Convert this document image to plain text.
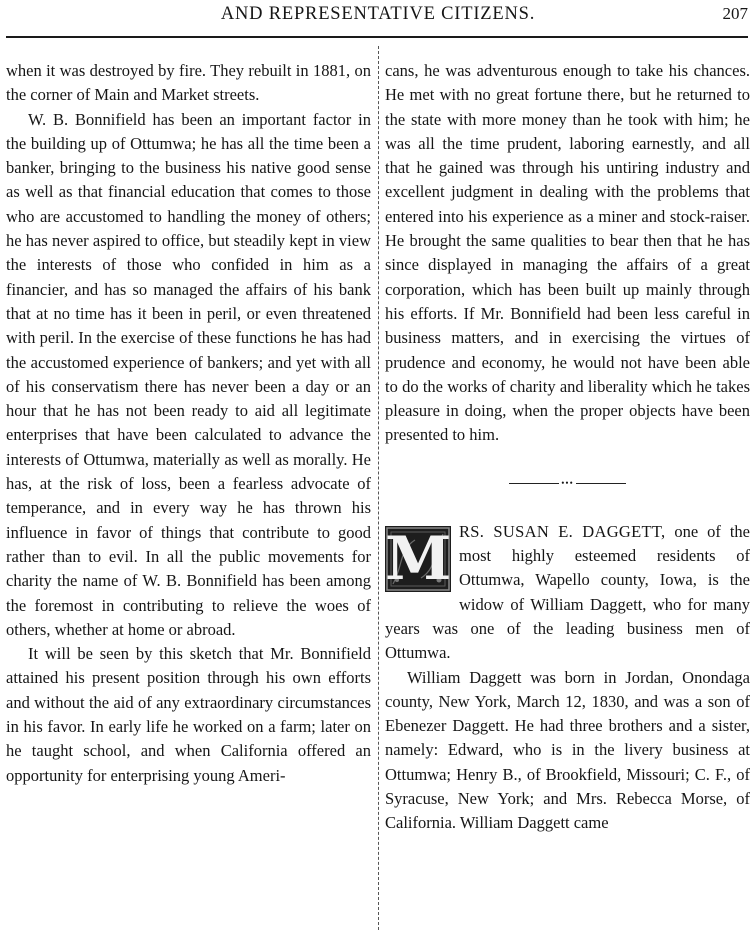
AND REPRESENTATIVE CITIZENS.	207

when it was destroyed by fire. They rebuilt in 1881, on the corner of Main and Market streets.

W. B. Bonnifield has been an important factor in the building up of Ottumwa; he has all the time been a banker, bringing to the business his native good sense as well as that financial education that comes to those who are accustomed to handling the money of others; he has never aspired to office, but steadily kept in view the interests of those who confided in him as a financier, and has so managed the affairs of his bank that at no time has it been in peril, or even threatened with peril. In the exercise of these functions he has had the accustomed experience of bankers; and yet with all of his conservatism there has never been a day or an hour that he has not been ready to aid all legitimate enterprises that have been calculated to advance the interests of Ottumwa, materially as well as morally. He has, at the risk of loss, been a fearless advocate of temperance, and in every way he has thrown his influence in favor of things that contribute to good rather than to evil. In all the public movements for charity the name of W. B. Bonnifield has been among the foremost in contributing to relieve the woes of others, whether at home or abroad.

It will be seen by this sketch that Mr. Bonnifield attained his present position through his own efforts and without the aid of any extraordinary circumstances in his favor. In early life he worked on a farm; later on he taught school, and when California offered an opportunity for enterprising young Ameri-

cans, he was adventurous enough to take his chances. He met with no great fortune there, but he returned to the state with more money than he took with him; he was all the time prudent, laboring earnestly, and all that he gained was through his untiring industry and excellent judgment in dealing with the problems that entered into his experience as a miner and stock-raiser. He brought the same qualities to bear then that he has since displayed in managing the affairs of a great corporation, which has been built up mainly through his efforts. If Mr. Bonnifield had been less careful in business matters, and in exercising the virtues of prudence and economy, he would not have been able to do the works of charity and liberality which he takes pleasure in doing, when the proper objects have been presented to him.

•••

M RS. SUSAN E. DAGGETT, one of the most highly esteemed residents of Ottumwa, Wapello county, Iowa, is the widow of William Daggett, who for many years was one of the leading business men of Ottumwa.

William Daggett was born in Jordan, Onondaga county, New York, March 12, 1830, and was a son of Ebenezer Daggett. He had three brothers and a sister, namely: Edward, who is in the livery business at Ottumwa; Henry B., of Brookfield, Missouri; C. F., of Syracuse, New York; and Mrs. Rebecca Morse, of California. William Daggett came
